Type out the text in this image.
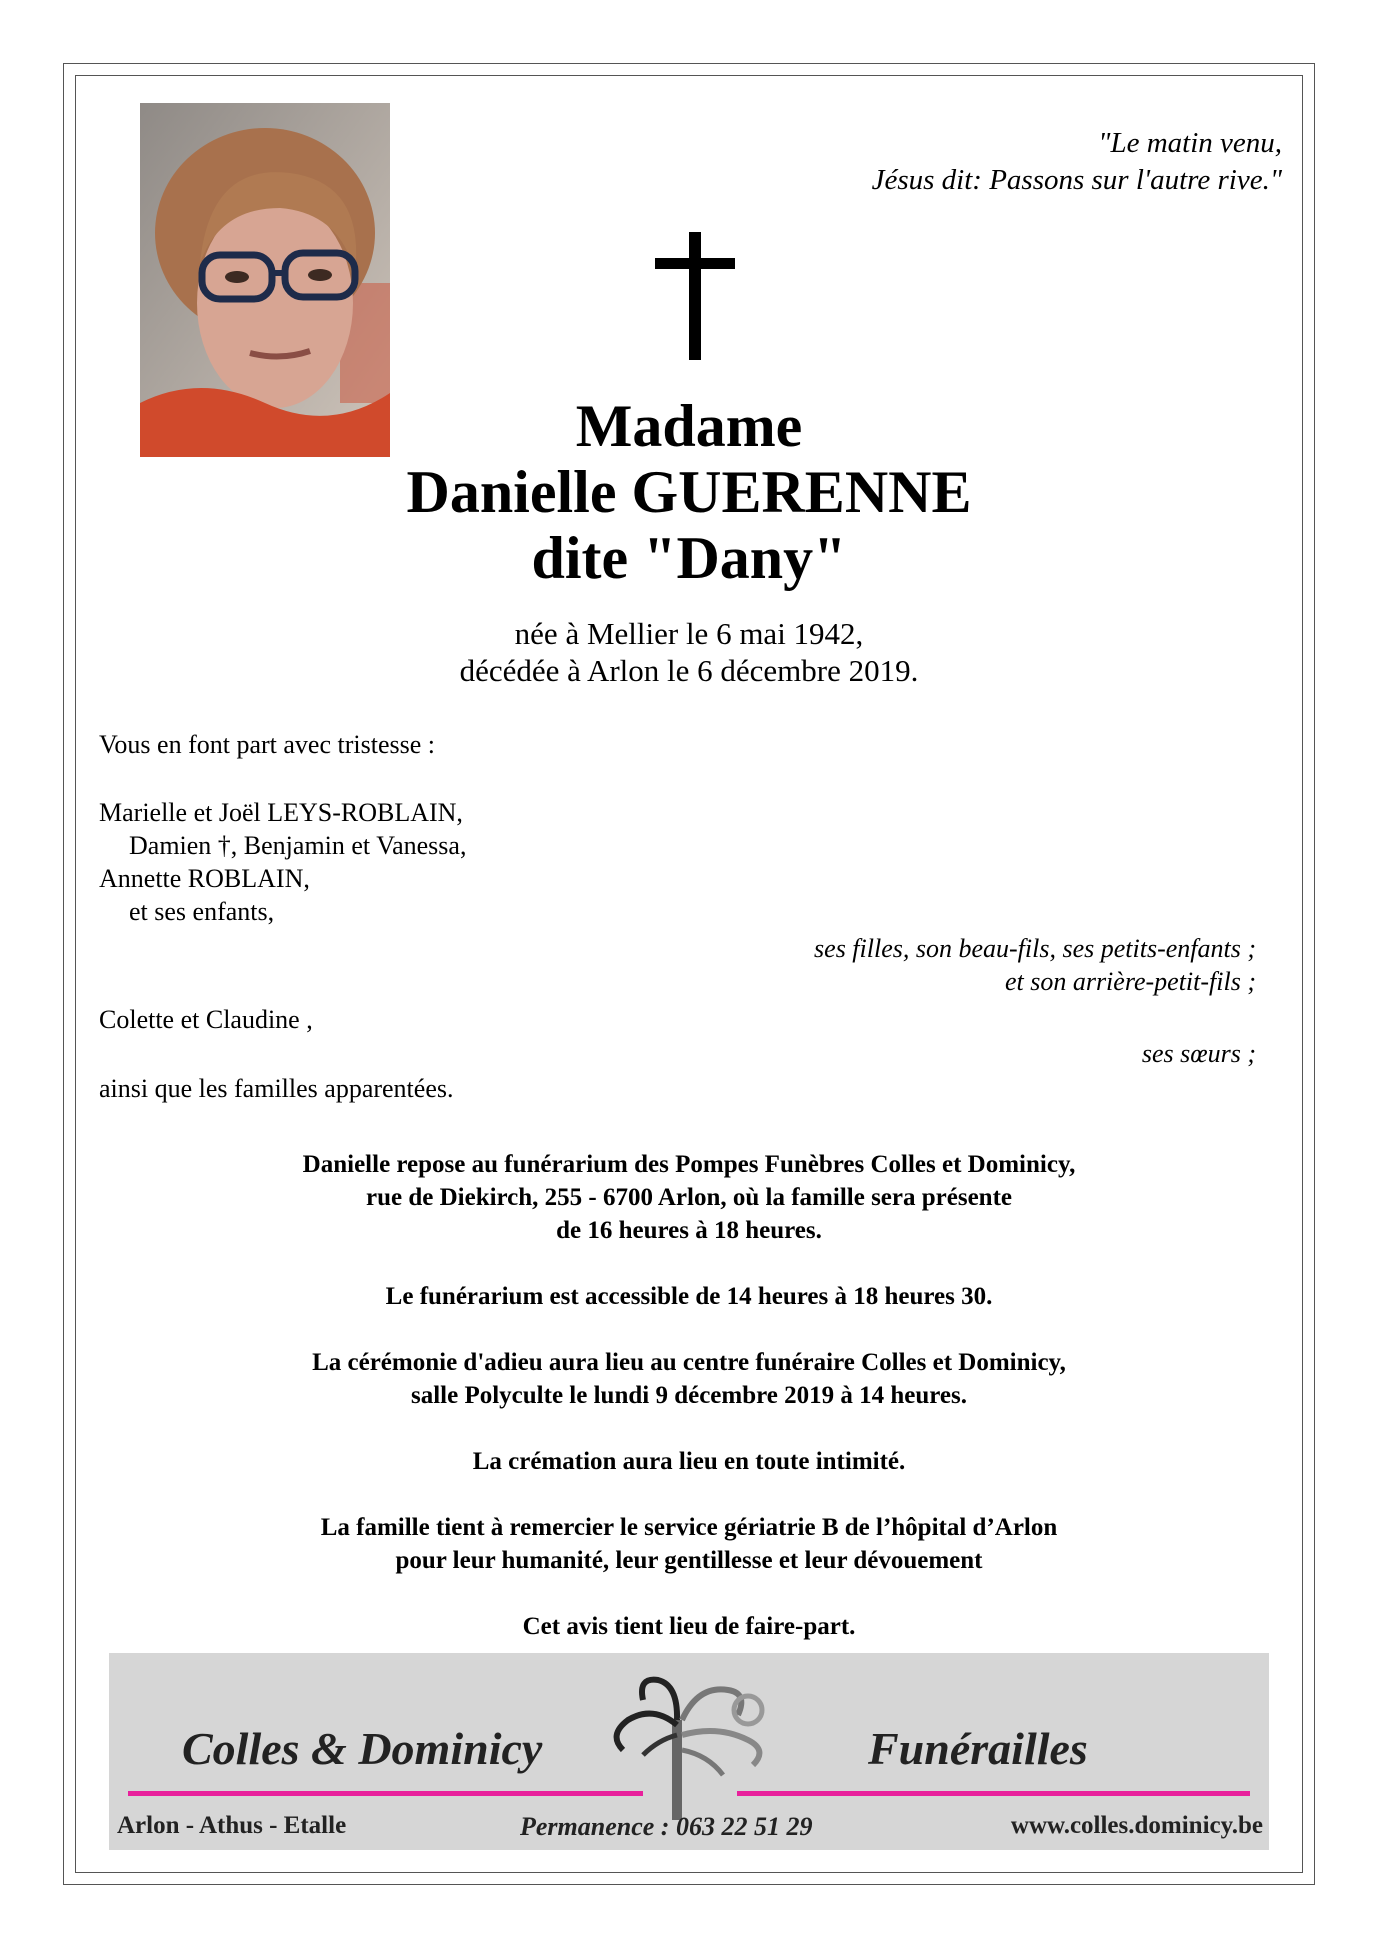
"Le matin venu,
Jésus dit: Passons sur l'autre rive."
Madame
Danielle GUERENNE
dite "Dany"
née à Mellier le 6 mai 1942,
décédée à Arlon le 6 décembre 2019.
Vous en font part avec tristesse :
Marielle et Joël LEYS-ROBLAIN,
Damien †, Benjamin et Vanessa,
Annette ROBLAIN,
et ses enfants,
ses filles, son beau-fils, ses petits-enfants ;
et son arrière-petit-fils ;
Colette et Claudine ,
ses sœurs ;
ainsi que les familles apparentées.

Danielle repose au funérarium des Pompes Funèbres Colles et Dominicy,
rue de Diekirch, 255 - 6700 Arlon, où la famille sera présente
de 16 heures à 18 heures.

Le funérarium est accessible de 14 heures à 18 heures 30.

La cérémonie d'adieu aura lieu au centre funéraire Colles et Dominicy,
salle Polyculte le lundi 9 décembre 2019 à 14 heures.

La crémation aura lieu en toute intimité.

La famille tient à remercier le service gériatrie B de l’hôpital d’Arlon
pour leur humanité, leur gentillesse et leur dévouement

Cet avis tient lieu de faire-part.

Colles & Dominicy	Funérailles
Arlon - Athus - Etalle	Permanence : 063 22 51 29	www.colles.dominicy.be
